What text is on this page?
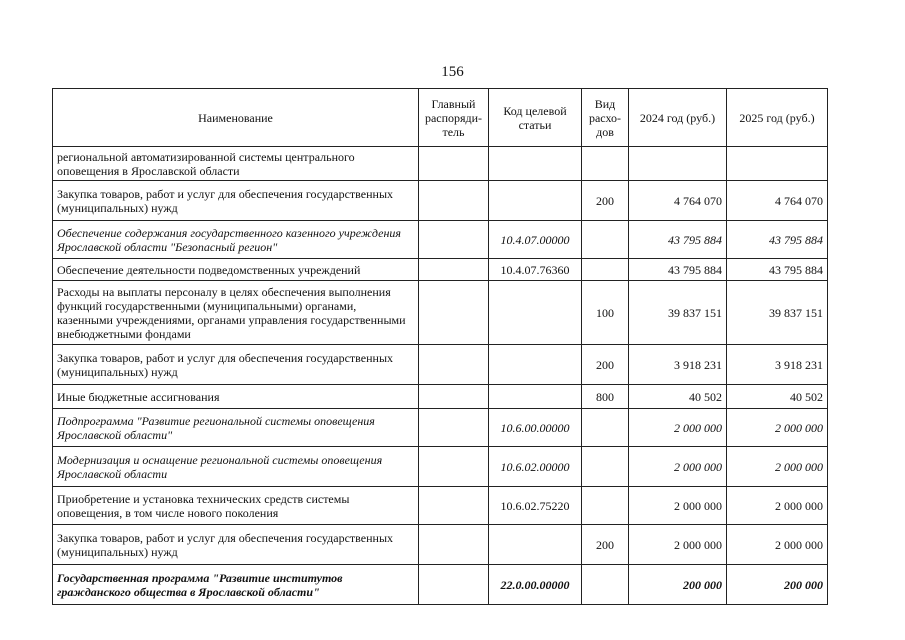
156
Наименование	Главный распоряди-тель	Код целевой статьи	Вид расхо-дов	2024 год (руб.)	2025 год (руб.)
региональной автоматизированной системы центрального оповещения в Ярославской области					
Закупка товаров, работ и услуг для обеспечения государственных (муниципальных) нужд			200	4 764 070	4 764 070
Обеспечение содержания государственного казенного учреждения Ярославской области "Безопасный регион"		10.4.07.00000		43 795 884	43 795 884
Обеспечение деятельности подведомственных учреждений		10.4.07.76360		43 795 884	43 795 884
Расходы на выплаты персоналу в целях обеспечения выполнения функций государственными (муниципальными) органами, казенными учреждениями, органами управления государственными внебюджетными фондами			100	39 837 151	39 837 151
Закупка товаров, работ и услуг для обеспечения государственных (муниципальных) нужд			200	3 918 231	3 918 231
Иные бюджетные ассигнования			800	40 502	40 502
Подпрограмма "Развитие региональной системы оповещения Ярославской области"		10.6.00.00000		2 000 000	2 000 000
Модернизация и оснащение региональной системы оповещения Ярославской области		10.6.02.00000		2 000 000	2 000 000
Приобретение и установка технических средств системы оповещения, в том числе нового поколения		10.6.02.75220		2 000 000	2 000 000
Закупка товаров, работ и услуг для обеспечения государственных (муниципальных) нужд			200	2 000 000	2 000 000
Государственная программа "Развитие институтов гражданского общества в Ярославской области"		22.0.00.00000		200 000	200 000
